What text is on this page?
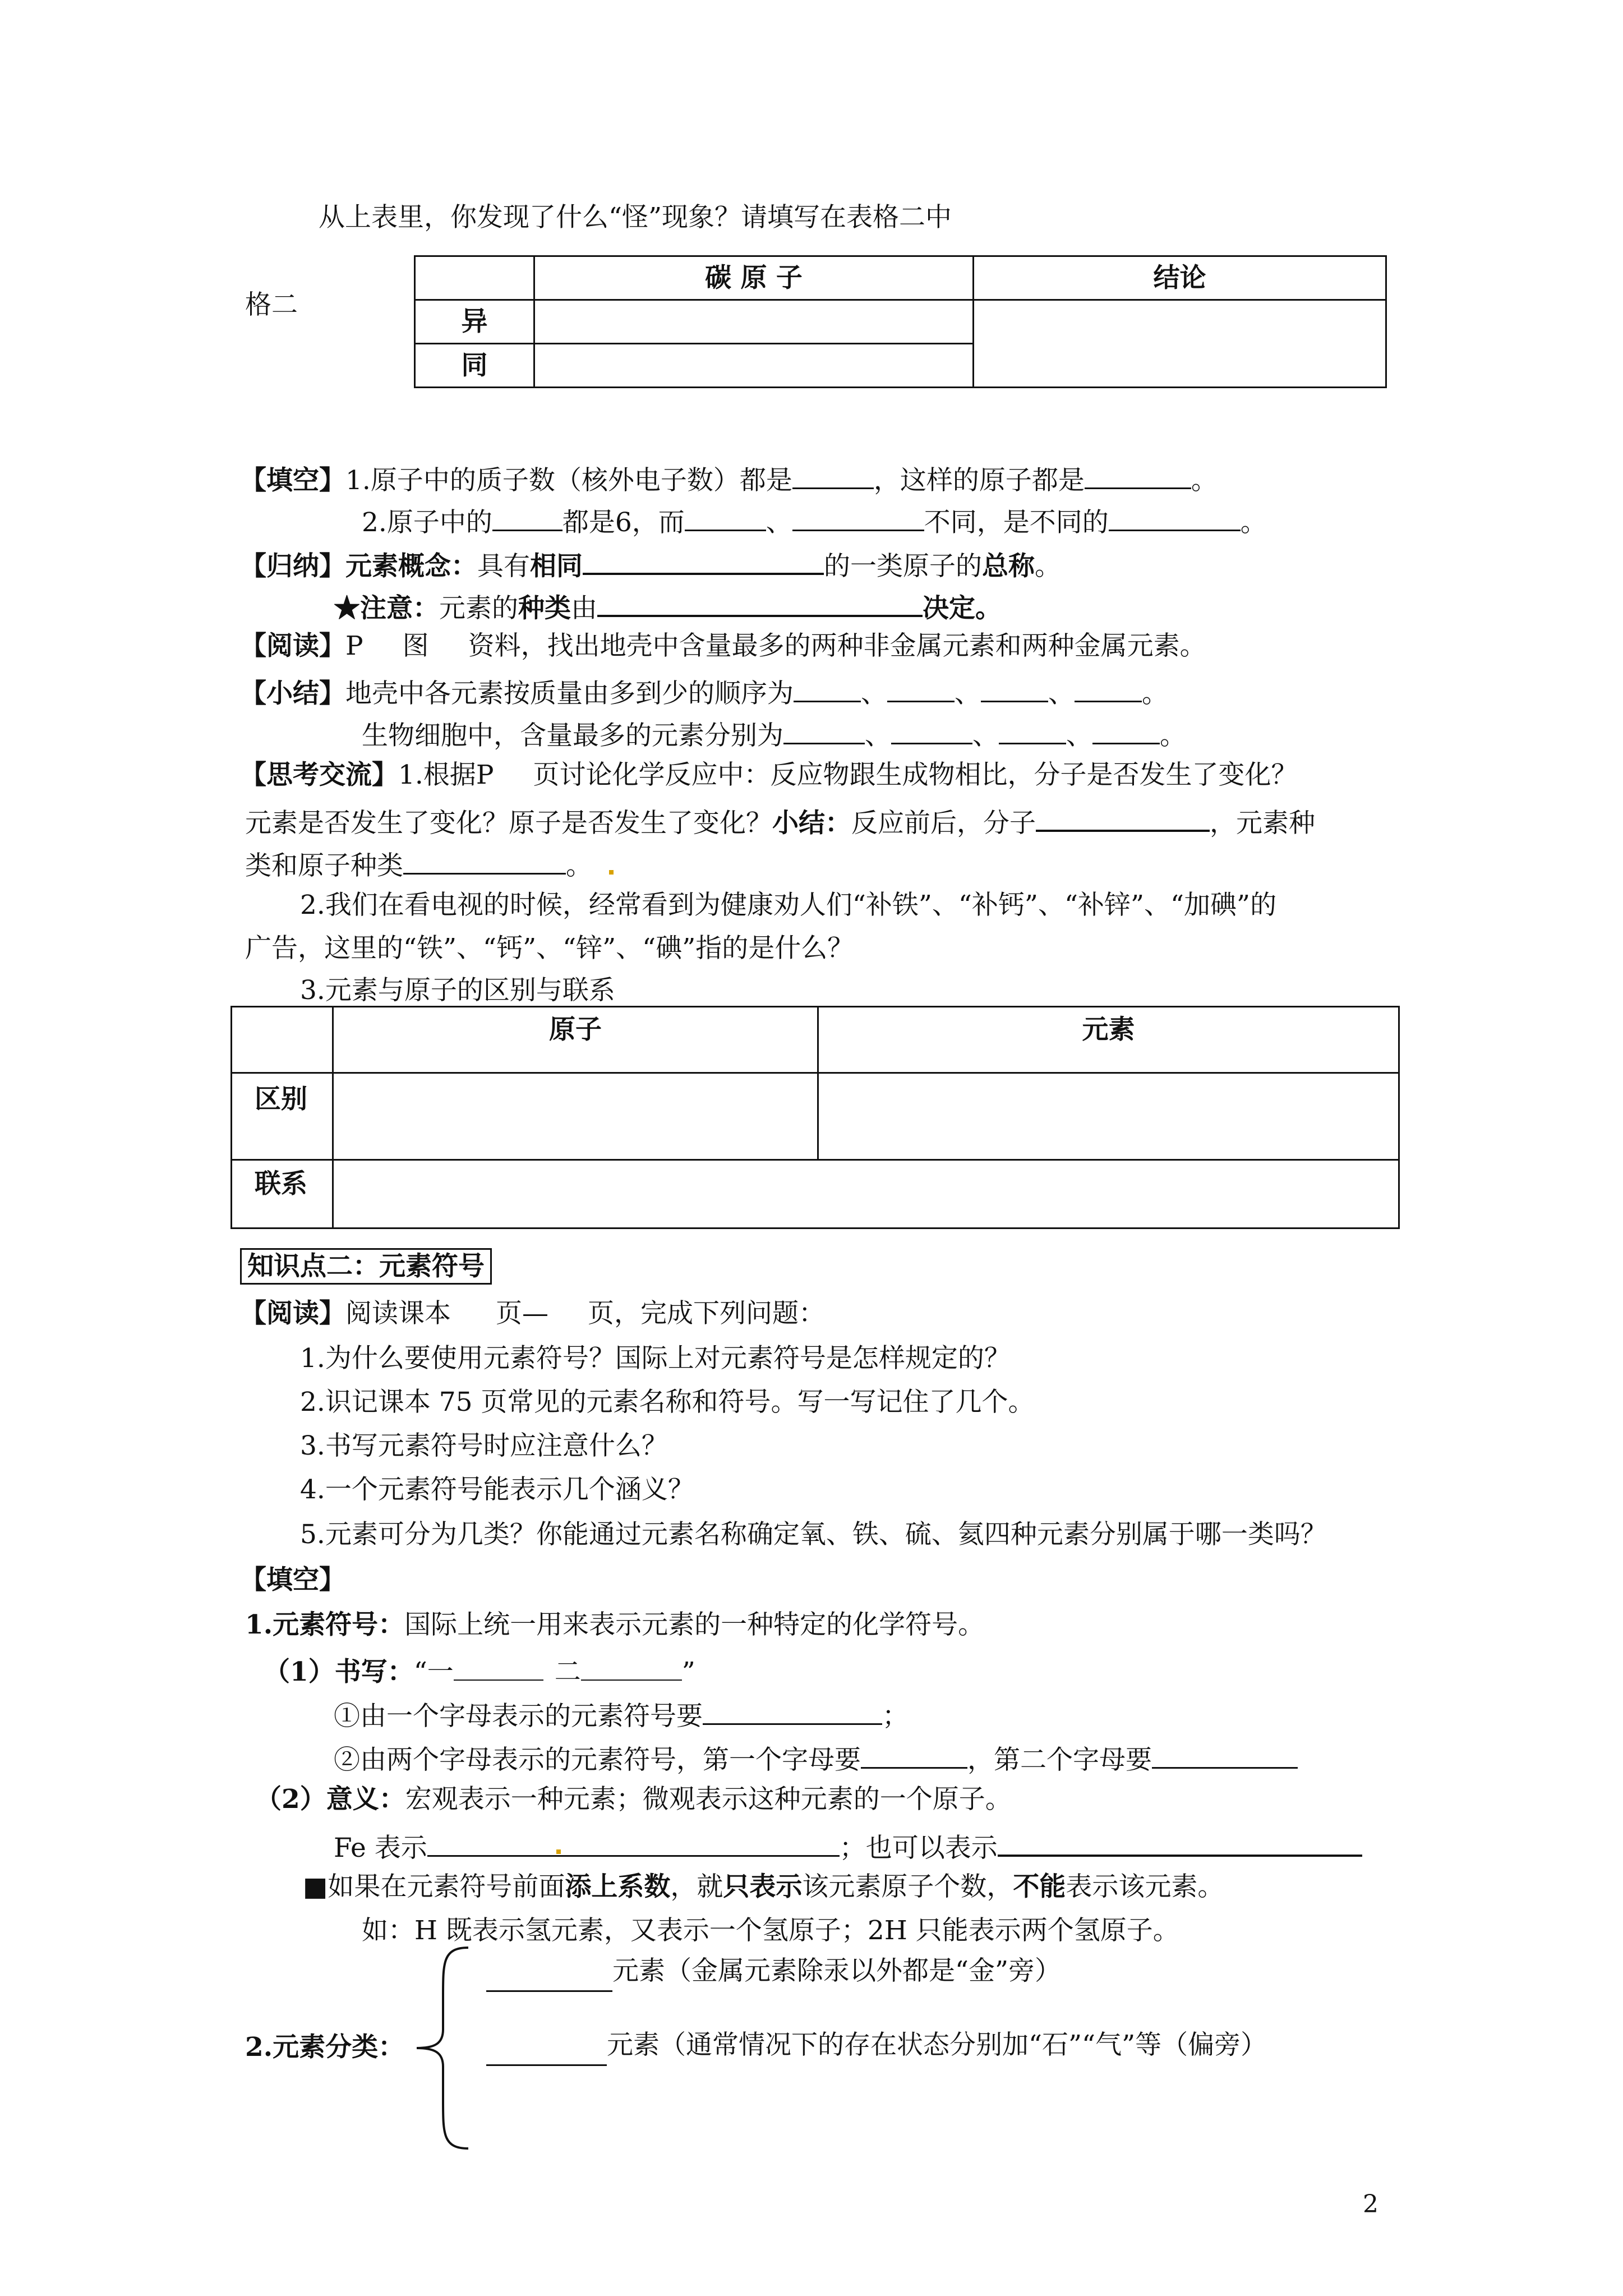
从上表里，你发现了什么“怪”现象？请填写在表格二中
格二
	碳 原 子	结论
异		
同		
【填空】1.原子中的质子数（核外电子数）都是	，这样的原子都是	。
2.原子中的	都是6，而	、	不同，是不同的	。
【归纳】元素概念：具有相同	的一类原子的总称。
★注意：元素的种类由	决定。
【阅读】P 图 资料，找出地壳中含量最多的两种非金属元素和两种金属元素。
【小结】地壳中各元素按质量由多到少的顺序为	、	、	、	。
生物细胞中，含量最多的元素分别为	、	、	、	。
【思考交流】1.根据P 页讨论化学反应中：反应物跟生成物相比，分子是否发生了变化？
元素是否发生了变化？原子是否发生了变化？小结：反应前后，分子	，元素种
类和原子种类	。
2.我们在看电视的时候，经常看到为健康劝人们“补铁”、“补钙”、“补锌”、“加碘”的
广告，这里的“铁”、“钙”、“锌”、“碘”指的是什么？
3.元素与原子的区别与联系
	原子	元素
区别		
联系		
知识点二：元素符号
【阅读】阅读课本 页— 页，完成下列问题：
1.为什么要使用元素符号？国际上对元素符号是怎样规定的？
2.识记课本 75 页常见的元素名称和符号。写一写记住了几个。
3.书写元素符号时应注意什么？
4.一个元素符号能表示几个涵义？
5.元素可分为几类？你能通过元素名称确定氧、铁、硫、氦四种元素分别属于哪一类吗？
【填空】
1.元素符号：国际上统一用来表示元素的一种特定的化学符号。
（1）书写：“一	二	”
①由一个字母表示的元素符号要	；
②由两个字母表示的元素符号，第一个字母要	，第二个字母要
（2）意义：宏观表示一种元素；微观表示这种元素的一个原子。
Fe 表示	；也可以表示
■如果在元素符号前面添上系数，就只表示该元素原子个数，不能表示该元素。
如：H 既表示氢元素，又表示一个氢原子；2H 只能表示两个氢原子。
元素（金属元素除汞以外都是“金”旁）
2.元素分类：	元素（通常情况下的存在状态分别加“石”“气”等（偏旁）
2
